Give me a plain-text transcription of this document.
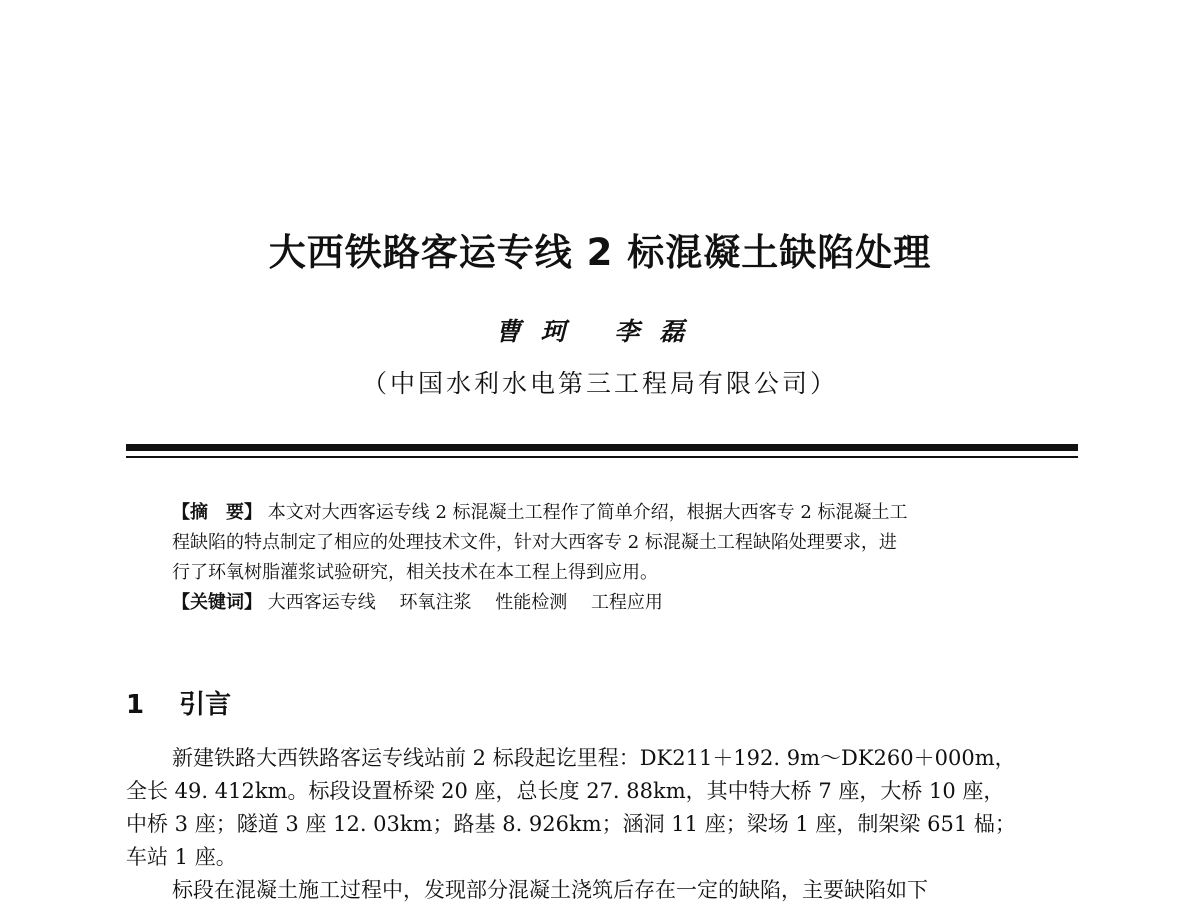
大西铁路客运专线 2 标混凝土缺陷处理
曹珂 李磊
（中国水利水电第三工程局有限公司）
【摘　要】 本文对大西客运专线 2 标混凝土工程作了简单介绍，根据大西客专 2 标混凝土工
程缺陷的特点制定了相应的处理技术文件，针对大西客专 2 标混凝土工程缺陷处理要求，进
行了环氧树脂灌浆试验研究，相关技术在本工程上得到应用。
【关键词】 大西客运专线 环氧注浆 性能检测 工程应用
1 引言
新建铁路大西铁路客运专线站前 2 标段起讫里程：DK211＋192. 9m～DK260＋000m，
全长 49. 412km。标段设置桥梁 20 座，总长度 27. 88km，其中特大桥 7 座，大桥 10 座，
中桥 3 座；隧道 3 座 12. 03km；路基 8. 926km；涵洞 11 座；梁场 1 座，制架梁 651 榀；
车站 1 座。
标段在混凝土施工过程中，发现部分混凝土浇筑后存在一定的缺陷，主要缺陷如下
